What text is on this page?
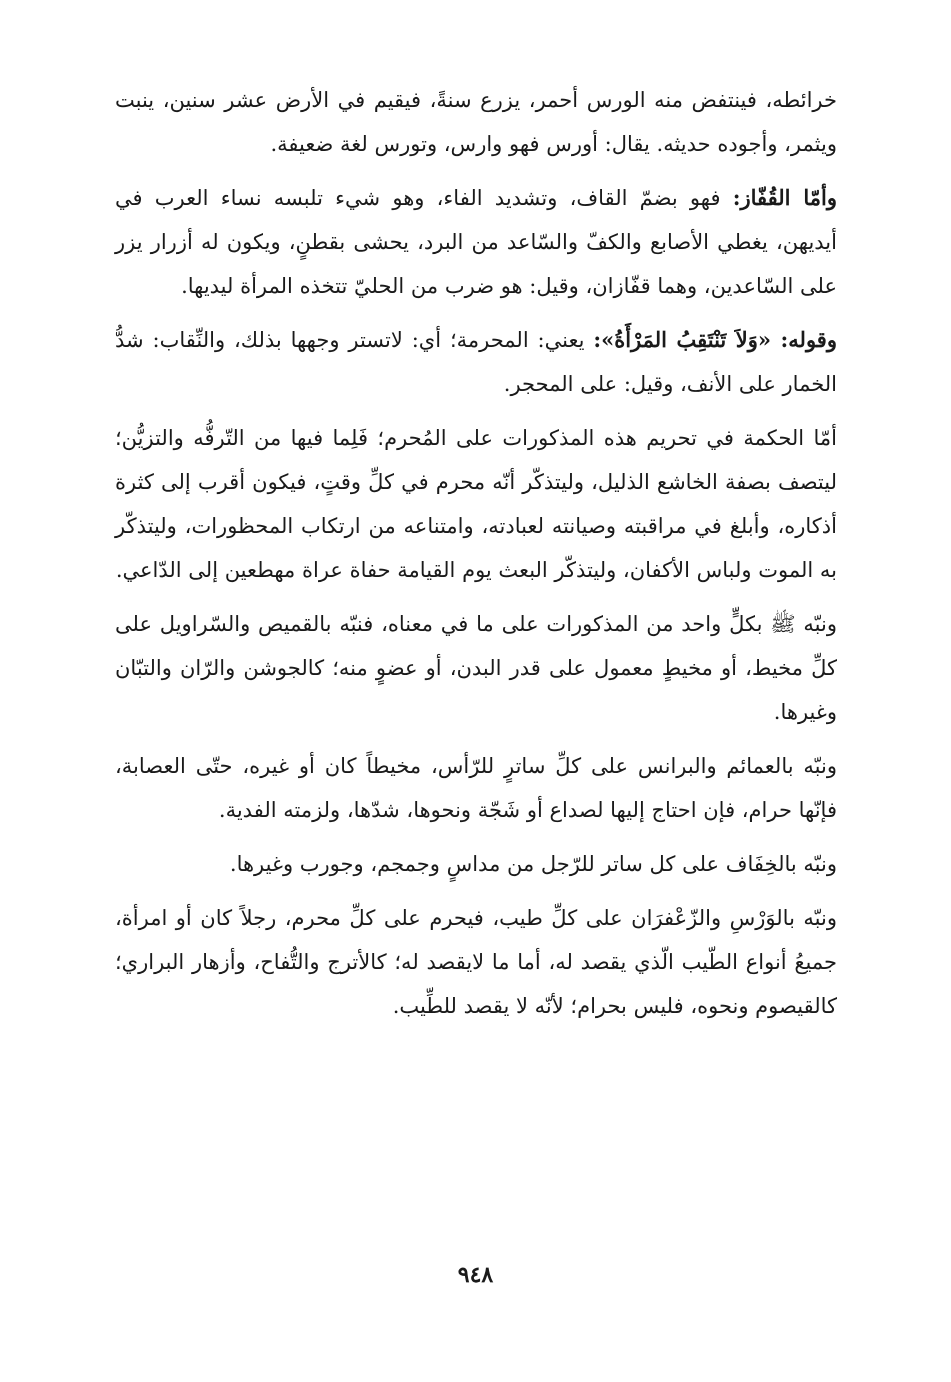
خرائطه، فينتفض منه الورس أحمر، يزرع سنةً، فيقيم في الأرض عشر سنين، ينبت ويثمر، وأجوده حديثه. يقال: أورس فهو وارس، وتورس لغة ضعيفة.

وأمّا القُفّاز: فهو بضمّ القاف، وتشديد الفاء، وهو شيء تلبسه نساء العرب في أيديهن، يغطي الأصابع والكفّ والسّاعد من البرد، يحشى بقطنٍ، ويكون له أزرار يزر على السّاعدين، وهما قفّازان، وقيل: هو ضرب من الحليّ تتخذه المرأة ليديها.

وقوله: «وَلاَ تَنْتَقِبُ المَرْأَةُ»: يعني: المحرمة؛ أي: لاتستر وجهها بذلك، والنِّقاب: شدُّ الخمار على الأنف، وقيل: على المحجر.

أمّا الحكمة في تحريم هذه المذكورات على المُحرم؛ فَلِما فيها من التّرفُّه والتزيُّن؛ ليتصف بصفة الخاشع الذليل، وليتذكّر أنّه محرم في كلِّ وقتٍ، فيكون أقرب إلى كثرة أذكاره، وأبلغ في مراقبته وصيانته لعبادته، وامتناعه من ارتكاب المحظورات، وليتذكّر به الموت ولباس الأكفان، وليتذكّر البعث يوم القيامة حفاة عراة مهطعين إلى الدّاعي.

ونبّه ﷺ بكلٍّ واحد من المذكورات على ما في معناه، فنبّه بالقميص والسّراويل على كلِّ مخيط، أو مخيطٍ معمول على قدر البدن، أو عضوٍ منه؛ كالجوشن والرّان والتبّان وغيرها.

ونبّه بالعمائم والبرانس على كلِّ ساترٍ للرّأس، مخيطاً كان أو غيره، حتّى العصابة، فإنّها حرام، فإن احتاج إليها لصداع أو شَجّة ونحوها، شدّها، ولزمته الفدية.

ونبّه بالخِفَاف على كل ساتر للرّجل من مداسٍ وجمجم، وجورب وغيرها.

ونبّه بالوَرْسِ والزّعْفرَان على كلِّ طيب، فيحرم على كلِّ محرم، رجلاً كان أو امرأة، جميعُ أنواع الطّيب الّذي يقصد له، أما ما لايقصد له؛ كالأترج والتُّفاح، وأزهار البراري؛ كالقيصوم ونحوه، فليس بحرام؛ لأنّه لا يقصد للطِّيب.

٩٤٨
